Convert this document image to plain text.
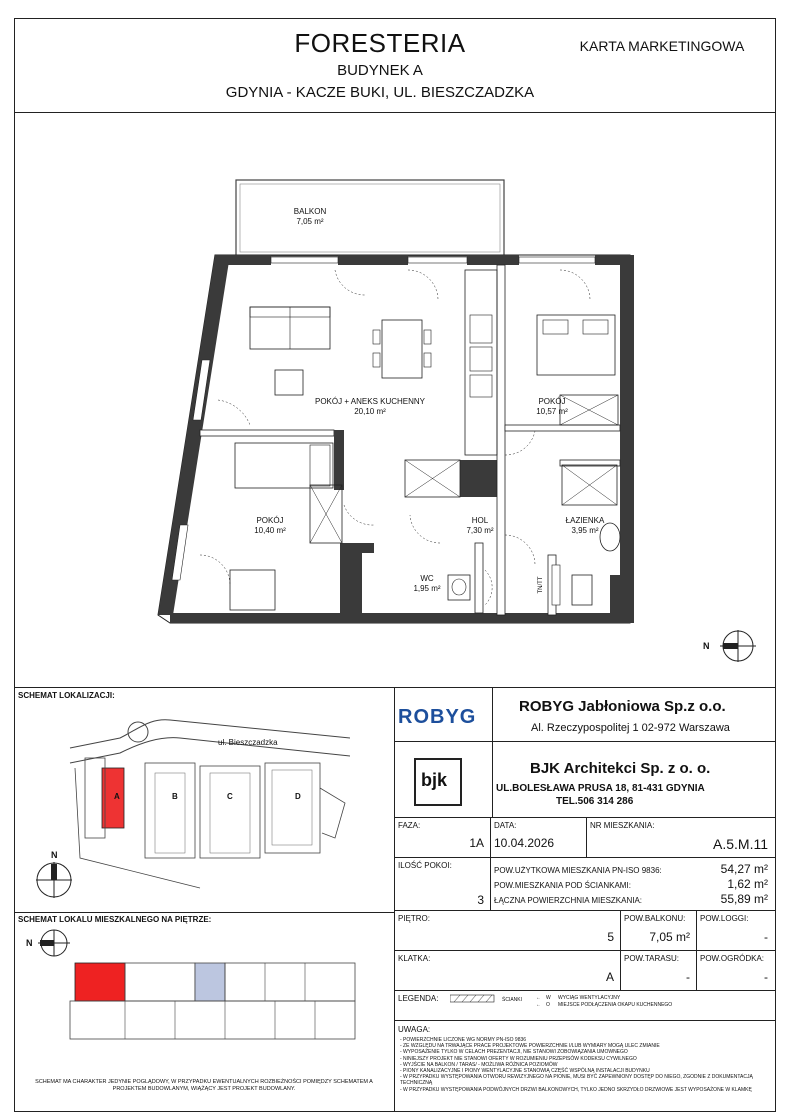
FORESTERIA
BUDYNEK A
GDYNIA - KACZE BUKI, UL. BIESZCZADZKA
KARTA MARKETINGOWA
BALKON
7,05 m²
POKÓJ + ANEKS KUCHENNY
20,10 m²
POKÓJ
10,57 m²
POKÓJ
10,40 m²
HOL
7,30 m²
ŁAZIENKA
3,95 m²
WC
1,95 m²	TN/TT
N
SCHEMAT LOKALIZACJI:
ul. Bieszczadzka
A	B	C	D
N
SCHEMAT LOKALU MIESZKALNEGO NA PIĘTRZE:
N
SCHEMAT MA CHARAKTER JEDYNIE POGLĄDOWY, W PRZYPADKU EWENTUALNYCH ROZBIEŻNOŚCI POMIĘDZY SCHEMATEM A PROJEKTEM BUDOWLANYM, WIĄŻĄCY JEST PROJEKT BUDOWLANY.
ROBYG	ROBYG Jabłoniowa Sp.z o.o.
Al. Rzeczypospolitej 1 02-972 Warszawa
bjk
BJK Architekci Sp. z o. o.
UL.BOLESŁAWA PRUSA 18, 81-431 GDYNIA
TEL.506 314 286
FAZA:
1A
DATA:
10.04.2026
NR MIESZKANIA:
A.5.M.11
ILOŚĆ POKOI:
3
POW.UŻYTKOWA MIESZKANIA PN-ISO 9836:	54,27 m²
POW.MIESZKANIA POD ŚCIANKAMI:	1,62 m²
ŁĄCZNA POWIERZCHNIA MIESZKANIA:	55,89 m²
PIĘTRO:
5
POW.BALKONU:
7,05 m²
POW.LOGGI:
-
KLATKA:
A
POW.TARASU:
-
POW.OGRÓDKA:
-
LEGENDA:	ŚCIANKI	← W
← O
WYCIĄG WENTYLACYJNY
MIEJSCE PODŁĄCZENIA OKAPU KUCHENNEGO
UWAGA:
- POWIERZCHNIE LICZONE WG NORMY PN-ISO 9836
- ZE WZGLĘDU NA TRWAJĄCE PRACE PROJEKTOWE POWIERZCHNIE I/LUB WYMIARY MOGĄ ULEC ZMIANIE
- WYPOSAŻENIE TYLKO W CELACH PREZENTACJI, NIE STANOWI ZOBOWIĄZANIA UMOWNEGO
- NINIEJSZY PROJEKT NIE STANOWI OFERTY W ROZUMIENIU PRZEPISÓW KODEKSU CYWILNEGO
- WYJŚCIE NA BALKON / TARAS/ - MOŻLIWA RÓŻNICA POZIOMÓW
- PIONY KANALIZACYJNE I PIONY WENTYLACYJNE STANOWIĄ CZĘŚĆ WSPÓLNĄ INSTALACJI BUDYNKU
- W PRZYPADKU WYSTĘPOWANIA OTWORU REWIZYJNEGO NA PIONIE, MUSI BYĆ ZAPEWNIONY DOSTĘP DO NIEGO, ZGODNIE Z DOKUMENTACJĄ TECHNICZNĄ
- W PRZYPADKU WYSTĘPOWANIA PODWÓJNYCH DRZWI BALKONOWYCH, TYLKO JEDNO SKRZYDŁO DRZWIOWE JEST WYPOSAŻONE W KLAMKĘ
